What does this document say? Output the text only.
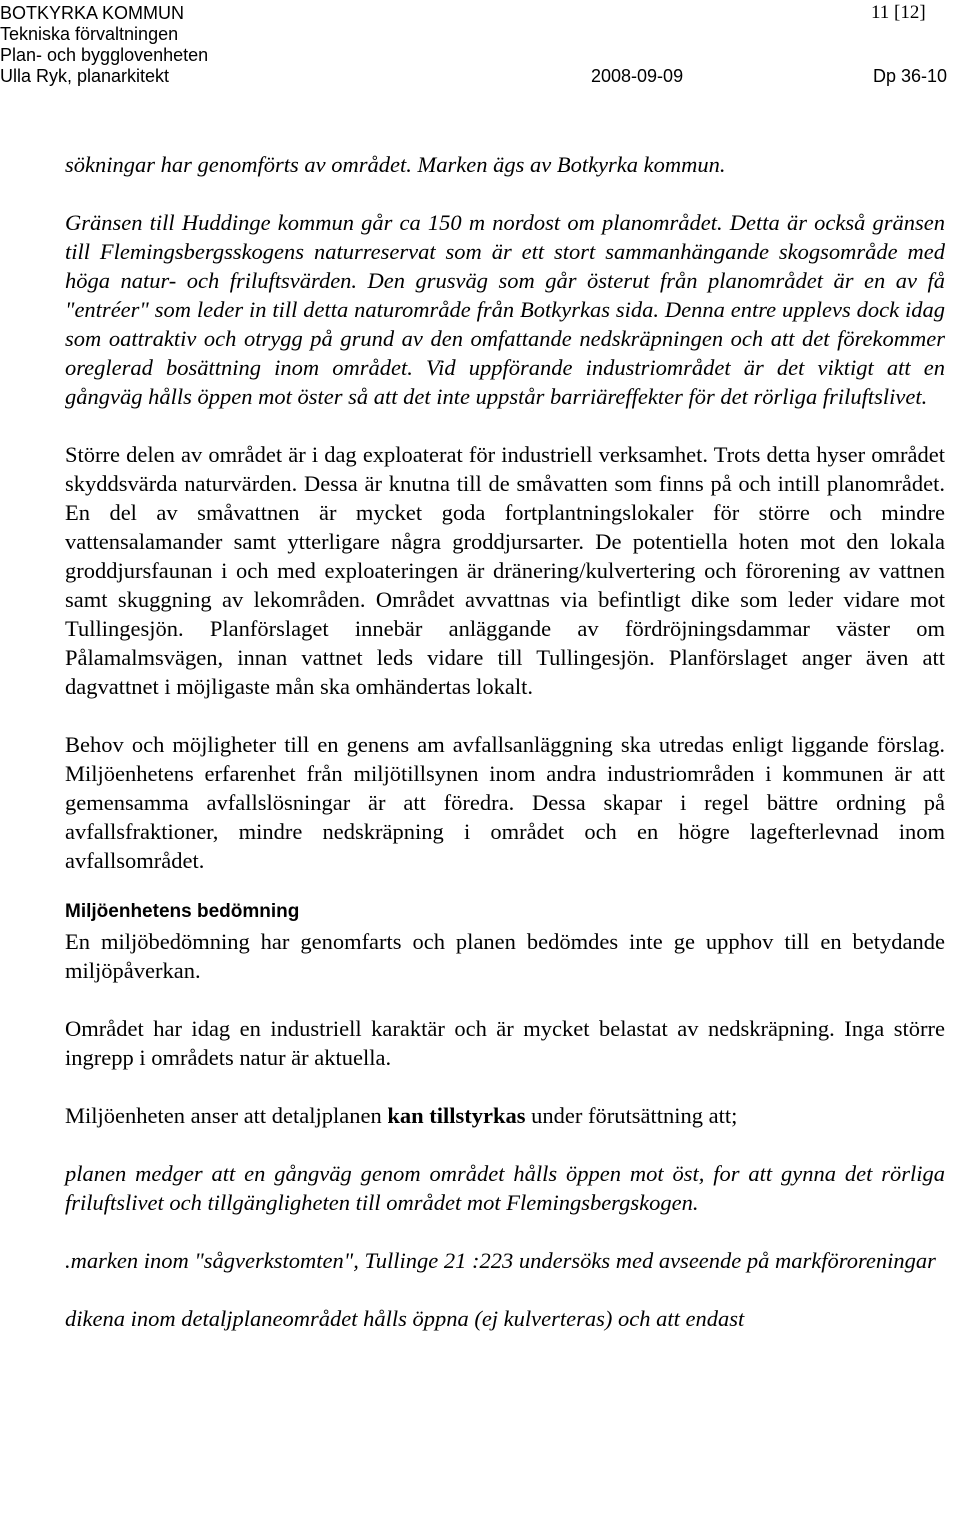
BOTKYRKA KOMMUN
Tekniska förvaltningen
Plan- och bygglovenheten
Ulla Ryk, planarkitekt	2008-09-09
11 [12]
Dp 36-10

sökningar har genomförts av området. Marken ägs av Botkyrka kommun.

Gränsen till Huddinge kommun går ca 150 m nordost om planområdet. Detta är också gränsen till Flemingsbergsskogens naturreservat som är ett stort sammanhängande skogsområde med höga natur- och friluftsvärden. Den grusväg som går österut från planområdet är en av få "entréer" som leder in till detta naturområde från Botkyrkas sida. Denna entre upplevs dock idag som oattraktiv och otrygg på grund av den omfattande nedskräpningen och att det förekommer oreglerad bosättning inom området. Vid uppförande industriområdet är det viktigt att en gångväg hålls öppen mot öster så att det inte uppstår barriäreffekter för det rörliga friluftslivet.

Större delen av området är i dag exploaterat för industriell verksamhet. Trots detta hyser området skyddsvärda naturvärden. Dessa är knutna till de småvatten som finns på och intill planområdet. En del av småvattnen är mycket goda fortplantningslokaler för större och mindre vattensalamander samt ytterligare några groddjursarter. De potentiella hoten mot den lokala groddjursfaunan i och med exploateringen är dränering/kulvertering och förorening av vattnen samt skuggning av lekområden. Området avvattnas via befintligt dike som leder vidare mot Tullingesjön. Planförslaget innebär anläggande av fördröjningsdammar väster om Pålamalmsvägen, innan vattnet leds vidare till Tullingesjön. Planförslaget anger även att dagvattnet i möjligaste mån ska omhändertas lokalt.

Behov och möjligheter till en genens am avfallsanläggning ska utredas enligt liggande förslag. Miljöenhetens erfarenhet från miljötillsynen inom andra industriområden i kommunen är att gemensamma avfallslösningar är att föredra. Dessa skapar i regel bättre ordning på avfallsfraktioner, mindre nedskräpning i området och en högre lagefterlevnad inom avfallsområdet.

Miljöenhetens bedömning

En miljöbedömning har genomfarts och planen bedömdes inte ge upphov till en betydande miljöpåverkan.

Området har idag en industriell karaktär och är mycket belastat av nedskräpning. Inga större ingrepp i områdets natur är aktuella.

Miljöenheten anser att detaljplanen kan tillstyrkas under förutsättning att;

planen medger att en gångväg genom området hålls öppen mot öst, for att gynna det rörliga friluftslivet och tillgängligheten till området mot Flemingsbergskogen.

.marken inom "sågverkstomten", Tullinge 21 :223 undersöks med avseende på markföroreningar

dikena inom detaljplaneområdet hålls öppna (ej kulverteras) och att endast
